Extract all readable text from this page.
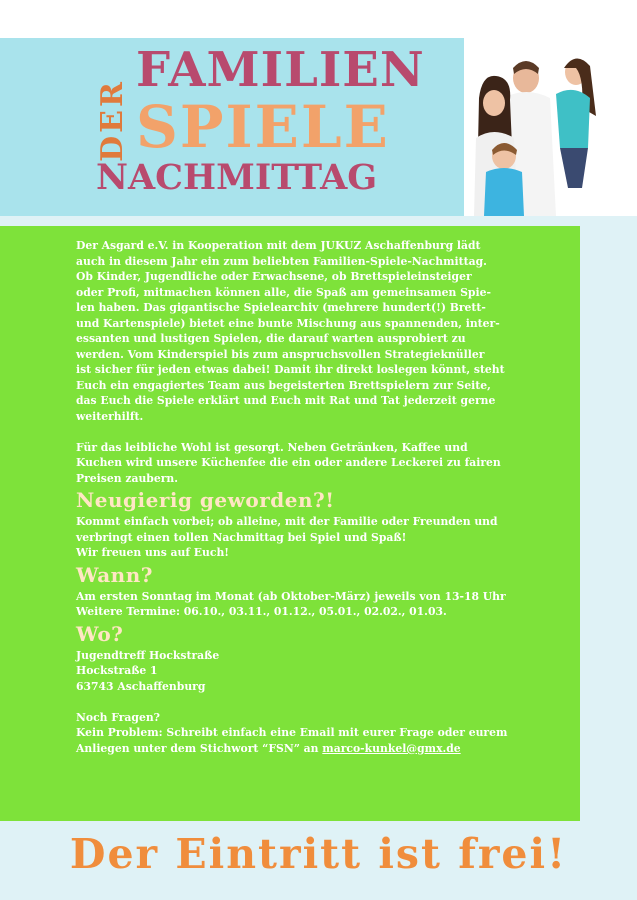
DER
FAMILIEN
SPIELE
NACHMITTAG

Der Asgard e.V. in Kooperation mit dem JUKUZ Aschaffenburg lädt

auch in diesem Jahr ein zum beliebten Familien-Spiele-Nachmittag.

Ob Kinder, Jugendliche oder Erwachsene, ob Brettspieleinsteiger

oder Profi, mitmachen können alle, die Spaß am gemeinsamen Spie-

len haben. Das gigantische Spielearchiv (mehrere hundert(!) Brett-

und Kartenspiele) bietet eine bunte Mischung aus spannenden, inter-

essanten und lustigen Spielen, die darauf warten ausprobiert zu

werden. Vom Kinderspiel bis zum anspruchsvollen Strategieknüller

ist sicher für jeden etwas dabei! Damit ihr direkt loslegen könnt, steht

Euch ein engagiertes Team aus begeisterten Brettspielern zur Seite,

das Euch die Spiele erklärt und Euch mit Rat und Tat jederzeit gerne

weiterhilft.

Für das leibliche Wohl ist gesorgt. Neben Getränken, Kaffee und

Kuchen wird unsere Küchenfee die ein oder andere Leckerei zu fairen

Preisen zaubern.

Neugierig geworden?!

Kommt einfach vorbei; ob alleine, mit der Familie oder Freunden und

verbringt einen tollen Nachmittag bei Spiel und Spaß!

Wir freuen uns auf Euch!

Wann?

Am ersten Sonntag im Monat (ab Oktober-März) jeweils von 13-18 Uhr

Weitere Termine: 06.10., 03.11., 01.12., 05.01., 02.02., 01.03.

Wo?

Jugendtreff Hockstraße

Hockstraße 1

63743 Aschaffenburg

Noch Fragen?

Kein Problem: Schreibt einfach eine Email mit eurer Frage oder eurem

Anliegen unter dem Stichwort “FSN” an marco-kunkel@gmx.de

Der Eintritt ist frei!
